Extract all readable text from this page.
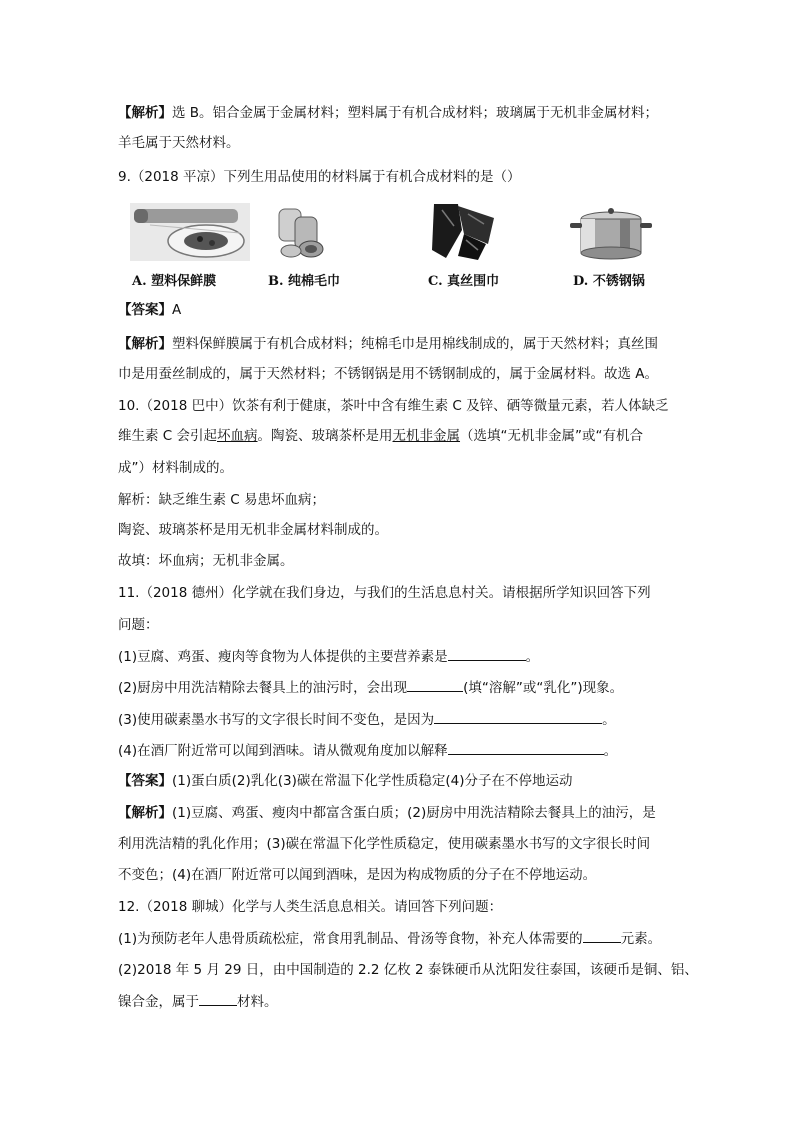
【解析】选 B。铝合金属于金属材料；塑料属于有机合成材料；玻璃属于无机非金属材料；
羊毛属于天然材料。
9.（2018 平凉）下列生用品使用的材料属于有机合成材料的是（）
A. 塑料保鲜膜	B. 纯棉毛巾	C. 真丝围巾	D. 不锈钢锅
【答案】A
【解析】塑料保鲜膜属于有机合成材料；纯棉毛巾是用棉线制成的，属于天然材料；真丝围
巾是用蚕丝制成的，属于天然材料；不锈钢锅是用不锈钢制成的，属于金属材料。故选 A。
10.（2018 巴中）饮茶有利于健康，茶叶中含有维生素 C 及锌、硒等微量元素，若人体缺乏
维生素 C 会引起坏血病。陶瓷、玻璃茶杯是用无机非金属（选填“无机非金属”或“有机合
成”）材料制成的。
解析：缺乏维生素 C 易患坏血病；
陶瓷、玻璃茶杯是用无机非金属材料制成的。
故填：坏血病；无机非金属。
11.（2018 德州）化学就在我们身边，与我们的生活息息村关。请根据所学知识回答下列
问题：
(1)豆腐、鸡蛋、瘦肉等食物为人体提供的主要营养素是	。
(2)厨房中用洗洁精除去餐具上的油污时，会出现	(填“溶解”或“乳化”)现象。
(3)使用碳素墨水书写的文字很长时间不变色，是因为	。
(4)在酒厂附近常可以闻到酒味。请从微观角度加以解释	。
【答案】(1)蛋白质(2)乳化(3)碳在常温下化学性质稳定(4)分子在不停地运动
【解析】(1)豆腐、鸡蛋、瘦肉中都富含蛋白质；(2)厨房中用洗洁精除去餐具上的油污，是
利用洗洁精的乳化作用；(3)碳在常温下化学性质稳定，使用碳素墨水书写的文字很长时间
不变色；(4)在酒厂附近常可以闻到酒味，是因为构成物质的分子在不停地运动。
12.（2018 聊城）化学与人类生活息息相关。请回答下列问题：
(1)为预防老年人患骨质疏松症，常食用乳制品、骨汤等食物，补充人体需要的	元素。
(2)2018 年 5 月 29 日，由中国制造的 2.2 亿枚 2 泰铢硬币从沈阳发往泰国，该硬币是铜、铝、
镍合金，属于	材料。
